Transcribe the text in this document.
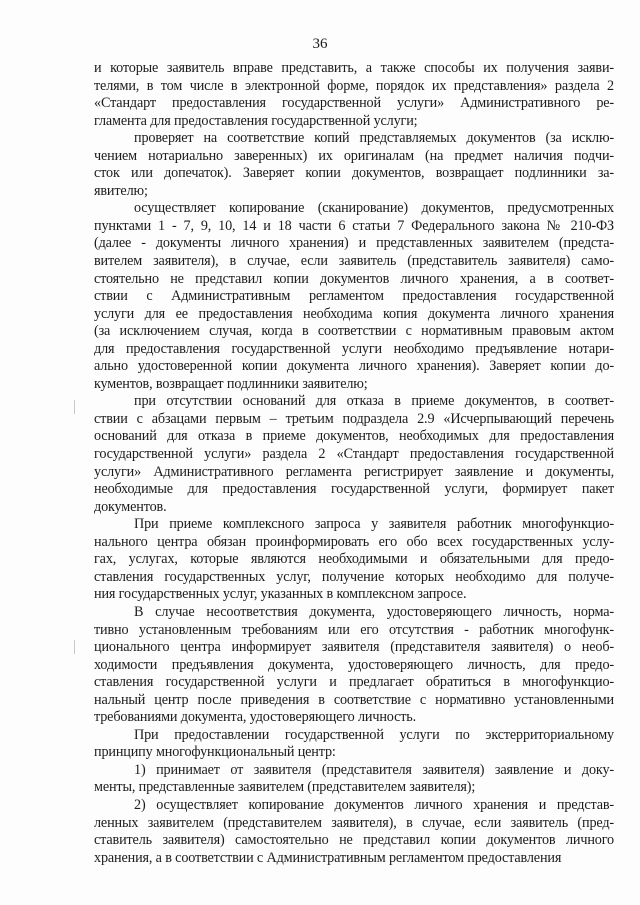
36

и которые заявитель вправе представить, а также способы их получения заяви-
телями, в том числе в электронной форме, порядок их представления» раздела 2
«Стандарт предоставления государственной услуги» Административного ре-
гламента для предоставления государственной услуги;

проверяет на соответствие копий представляемых документов (за исклю-
чением нотариально заверенных) их оригиналам (на предмет наличия подчи-
сток или допечаток). Заверяет копии документов, возвращает подлинники за-
явителю;

осуществляет копирование (сканирование) документов, предусмотренных
пунктами 1 - 7, 9, 10, 14 и 18 части 6 статьи 7 Федерального закона № 210-ФЗ
(далее - документы личного хранения) и представленных заявителем (предста-
вителем заявителя), в случае, если заявитель (представитель заявителя) само-
стоятельно не представил копии документов личного хранения, а в соответ-
ствии с Административным регламентом предоставления государственной
услуги для ее предоставления необходима копия документа личного хранения
(за исключением случая, когда в соответствии с нормативным правовым актом
для предоставления государственной услуги необходимо предъявление нотари-
ально удостоверенной копии документа личного хранения). Заверяет копии до-
кументов, возвращает подлинники заявителю;

при отсутствии оснований для отказа в приеме документов, в соответ-
ствии с абзацами первым – третьим подраздела 2.9 «Исчерпывающий перечень
оснований для отказа в приеме документов, необходимых для предоставления
государственной услуги» раздела 2 «Стандарт предоставления государственной
услуги» Административного регламента регистрирует заявление и документы,
необходимые для предоставления государственной услуги, формирует пакет
документов.

При приеме комплексного запроса у заявителя работник многофункцио-
нального центра обязан проинформировать его обо всех государственных услу-
гах, услугах, которые являются необходимыми и обязательными для предо-
ставления государственных услуг, получение которых необходимо для получе-
ния государственных услуг, указанных в комплексном запросе.

В случае несоответствия документа, удостоверяющего личность, норма-
тивно установленным требованиям или его отсутствия - работник многофунк-
ционального центра информирует заявителя (представителя заявителя) о необ-
ходимости предъявления документа, удостоверяющего личность, для предо-
ставления государственной услуги и предлагает обратиться в многофункцио-
нальный центр после приведения в соответствие с нормативно установленными
требованиями документа, удостоверяющего личность.

При предоставлении государственной услуги по экстерриториальному
принципу многофункциональный центр:

1) принимает от заявителя (представителя заявителя) заявление и доку-
менты, представленные заявителем (представителем заявителя);

2) осуществляет копирование документов личного хранения и представ-
ленных заявителем (представителем заявителя), в случае, если заявитель (пред-
ставитель заявителя) самостоятельно не представил копии документов личного
хранения, а в соответствии с Административным регламентом предоставления
